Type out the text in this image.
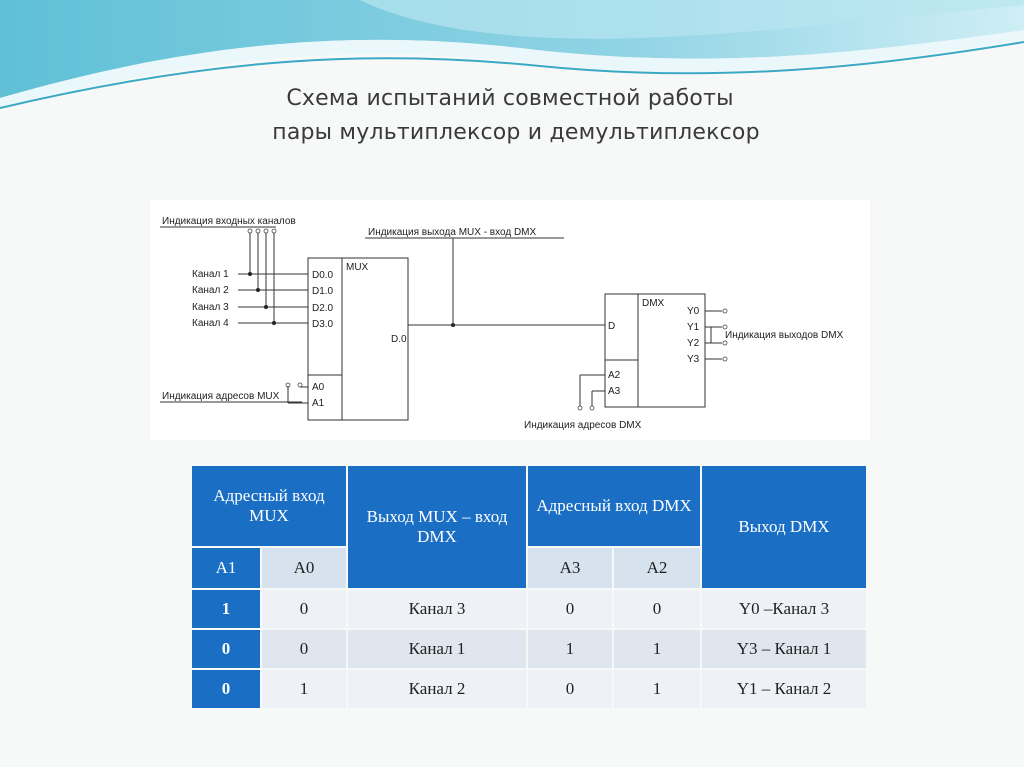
Схема испытаний совместной работы
пары мультиплексор и демультиплексор
Индикация входных каналов
Канал 1
Канал 2
Канал 3
Канал 4
MUX
D0.0
D1.0
D2.0
D3.0
D.0
A0
A1
Индикация адресов MUX
Индикация выхода MUX - вход DMX
DMX
D
Y0
Y1
Y2
Y3
A2
A3
Индикация выходов DMX
Индикация адресов DMX
Адресный вход MUX		Выход MUX – вход DMX	Адресный вход DMX		Выход DMX
A1	A0		A3	A2	
1	0	Канал 3	0	0	Y0 –Канал 3
0	0	Канал 1	1	1	Y3 – Канал 1
0	1	Канал 2	0	1	Y1 – Канал 2
